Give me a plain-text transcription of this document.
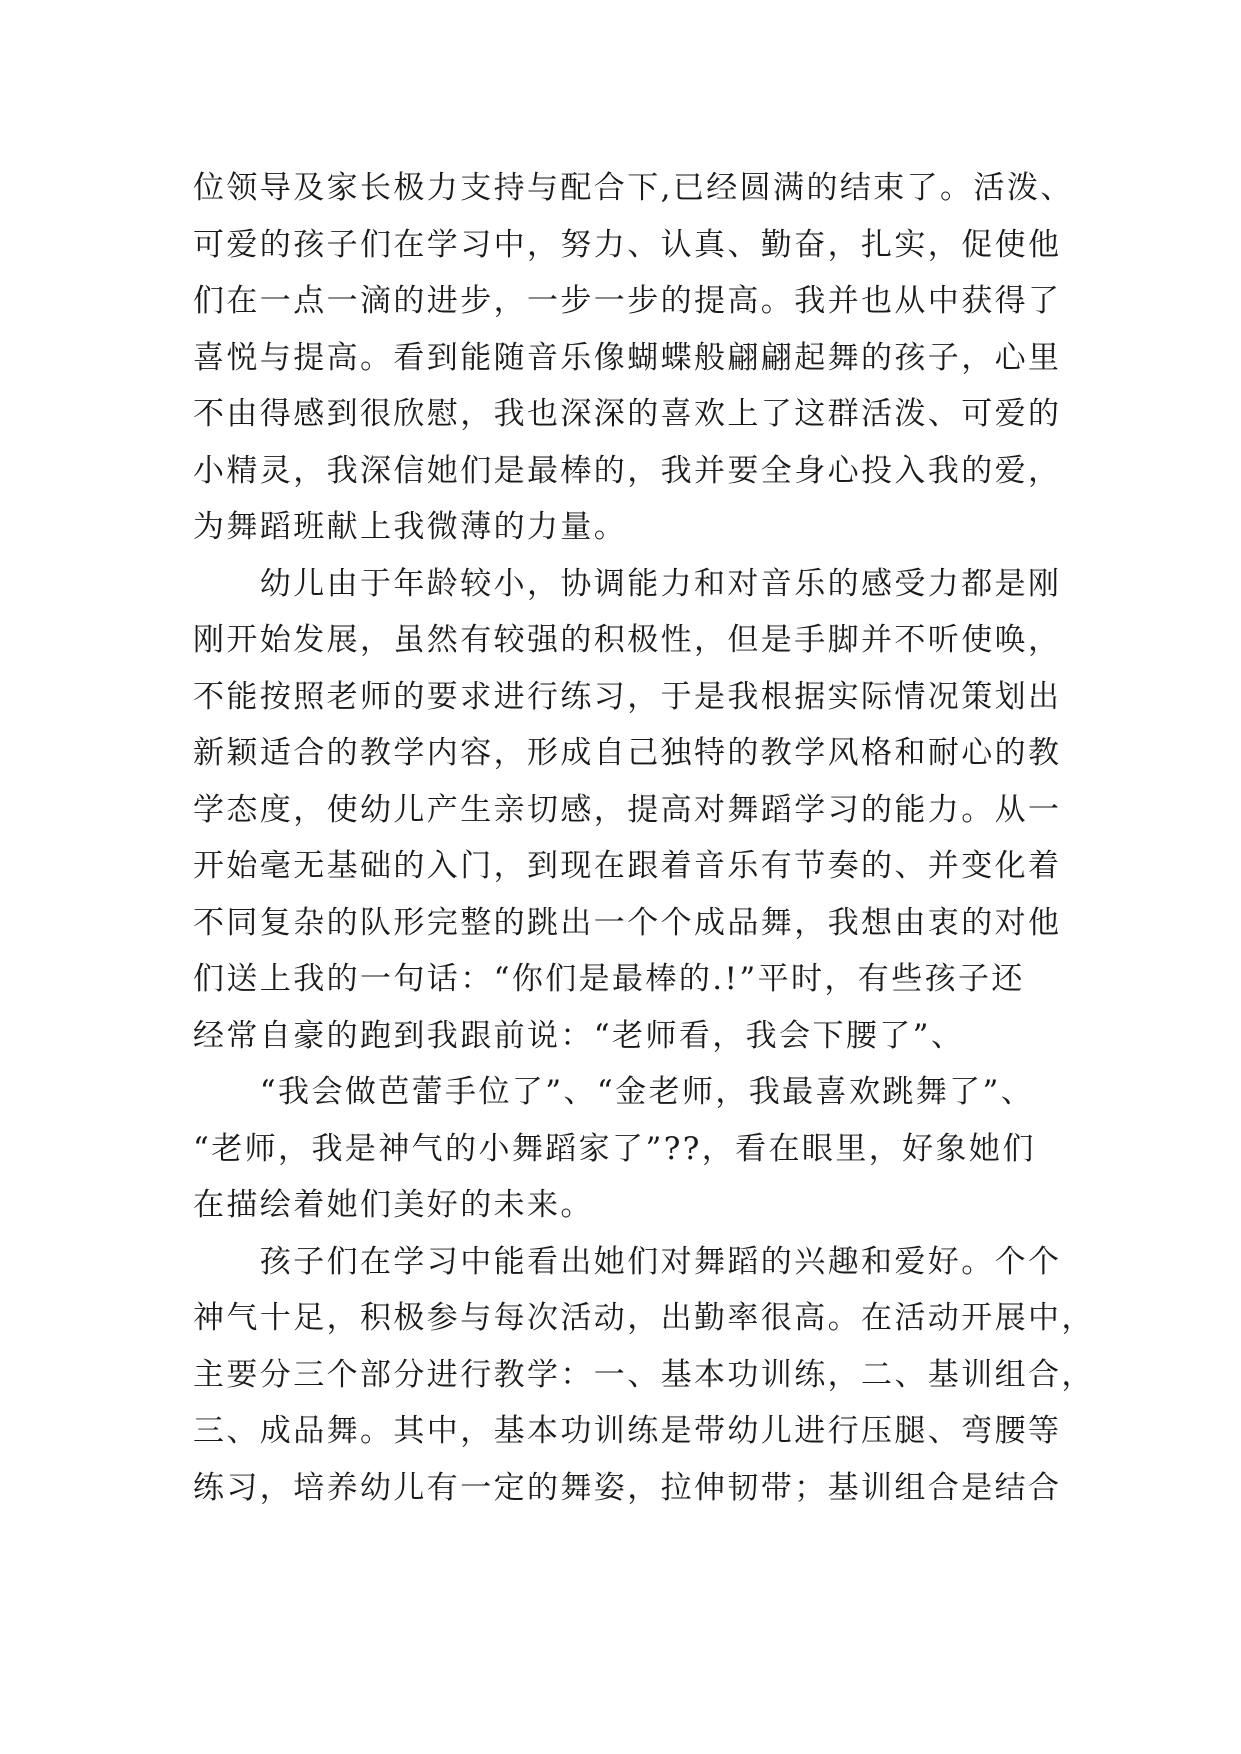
位领导及家长极力支持与配合下,已经圆满的结束了。活泼、
可爱的孩子们在学习中，努力、认真、勤奋，扎实，促使他
们在一点一滴的进步，一步一步的提高。我并也从中获得了
喜悦与提高。看到能随音乐像蝴蝶般翩翩起舞的孩子，心里
不由得感到很欣慰，我也深深的喜欢上了这群活泼、可爱的
小精灵，我深信她们是最棒的，我并要全身心投入我的爱，
为舞蹈班献上我微薄的力量。
　　幼儿由于年龄较小，协调能力和对音乐的感受力都是刚
刚开始发展，虽然有较强的积极性，但是手脚并不听使唤，
不能按照老师的要求进行练习，于是我根据实际情况策划出
新颖适合的教学内容，形成自己独特的教学风格和耐心的教
学态度，使幼儿产生亲切感，提高对舞蹈学习的能力。从一
开始毫无基础的入门，到现在跟着音乐有节奏的、并变化着
不同复杂的队形完整的跳出一个个成品舞，我想由衷的对他
们送上我的一句话：“你们是最棒的.!”平时，有些孩子还
经常自豪的跑到我跟前说：“老师看，我会下腰了”、
　　“我会做芭蕾手位了”、“金老师，我最喜欢跳舞了”、
“老师，我是神气的小舞蹈家了”??，看在眼里，好象她们
在描绘着她们美好的未来。
　　孩子们在学习中能看出她们对舞蹈的兴趣和爱好。个个
神气十足，积极参与每次活动，出勤率很高。在活动开展中，
主要分三个部分进行教学：一、基本功训练，二、基训组合，
三、成品舞。其中，基本功训练是带幼儿进行压腿、弯腰等
练习，培养幼儿有一定的舞姿，拉伸韧带；基训组合是结合
